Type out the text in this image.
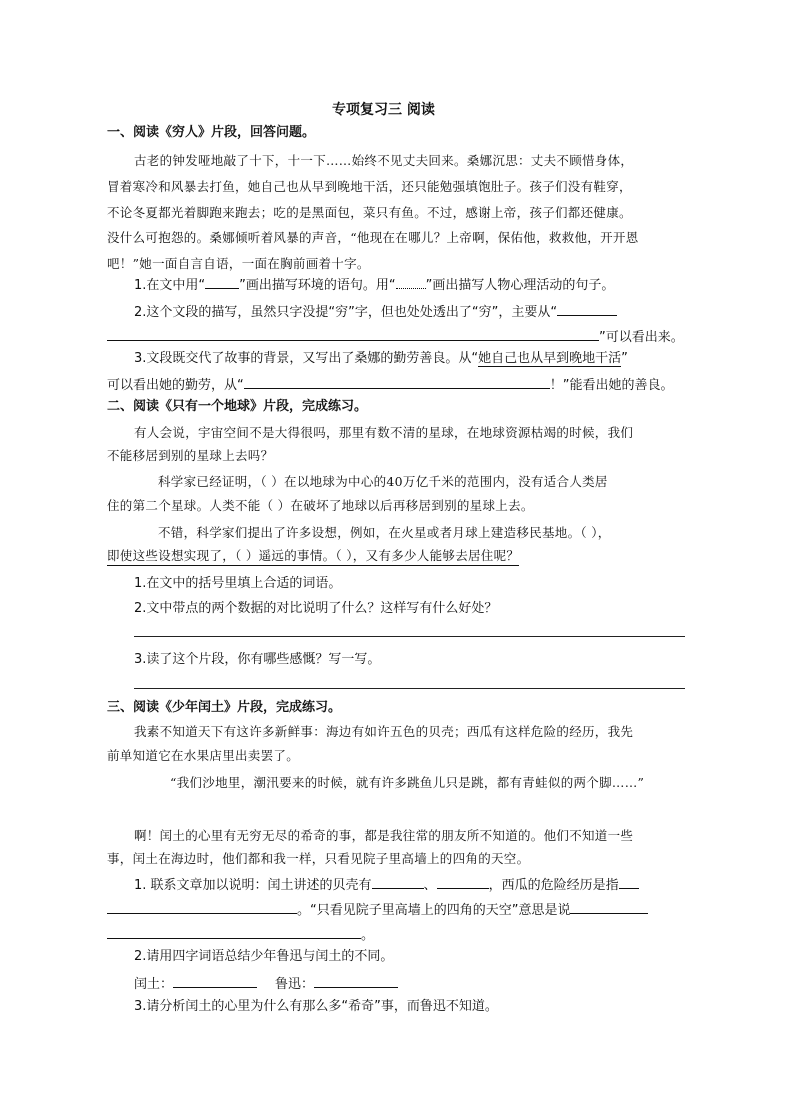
专项复习三 阅读
一、阅读《穷人》片段，回答问题。
古老的钟发哑地敲了十下，十一下……始终不见丈夫回来。桑娜沉思：丈夫不顾惜身体，
冒着寒冷和风暴去打鱼，她自己也从早到晚地干活，还只能勉强填饱肚子。孩子们没有鞋穿，
不论冬夏都光着脚跑来跑去；吃的是黑面包，菜只有鱼。不过，感谢上帝，孩子们都还健康。
没什么可抱怨的。桑娜倾听着风暴的声音，“他现在在哪儿？上帝啊，保佑他，救救他，开开恩
吧！”她一面自言自语，一面在胸前画着十字。
1.在文中用“	”画出描写环境的语句。用“ ”画出描写人物心理活动的句子。
2.这个文段的描写，虽然只字没提“穷”字，但也处处透出了“穷”，主要从“
”可以看出来。
3.文段既交代了故事的背景，又写出了桑娜的勤劳善良。从“她自己也从早到晚地干活”
可以看出她的勤劳，从“	！”能看出她的善良。
二、阅读《只有一个地球》片段，完成练习。
有人会说，宇宙空间不是大得很吗，那里有数不清的星球，在地球资源枯竭的时候，我们
不能移居到别的星球上去吗？
科学家已经证明，（ ）在以地球为中心的40万亿千米的范围内，没有适合人类居
住的第二个星球。人类不能（ ）在破坏了地球以后再移居到别的星球上去。
不错，科学家们提出了许多设想，例如，在火星或者月球上建造移民基地。（ ），
即使这些设想实现了，（ ）遥远的事情。（ ），又有多少人能够去居住呢？
1.在文中的括号里填上合适的词语。
2.文中带点的两个数据的对比说明了什么？这样写有什么好处？
3.读了这个片段，你有哪些感慨？写一写。
三、阅读《少年闰土》片段，完成练习。
我素不知道天下有这许多新鲜事：海边有如许五色的贝壳；西瓜有这样危险的经历，我先
前单知道它在水果店里出卖罢了。
“我们沙地里，潮汛要来的时候，就有许多跳鱼儿只是跳，都有青蛙似的两个脚……”
啊！闰土的心里有无穷无尽的希奇的事，都是我往常的朋友所不知道的。他们不知道一些
事，闰土在海边时，他们都和我一样，只看见院子里高墙上的四角的天空。
1. 联系文章加以说明：闰土讲述的贝壳有	、	，西瓜的危险经历是指
。“只看见院子里高墙上的四角的天空”意思是说
。
2.请用四字词语总结少年鲁迅与闰土的不同。
闰土：	鲁迅：
3.请分析闰土的心里为什么有那么多“希奇”事，而鲁迅不知道。
